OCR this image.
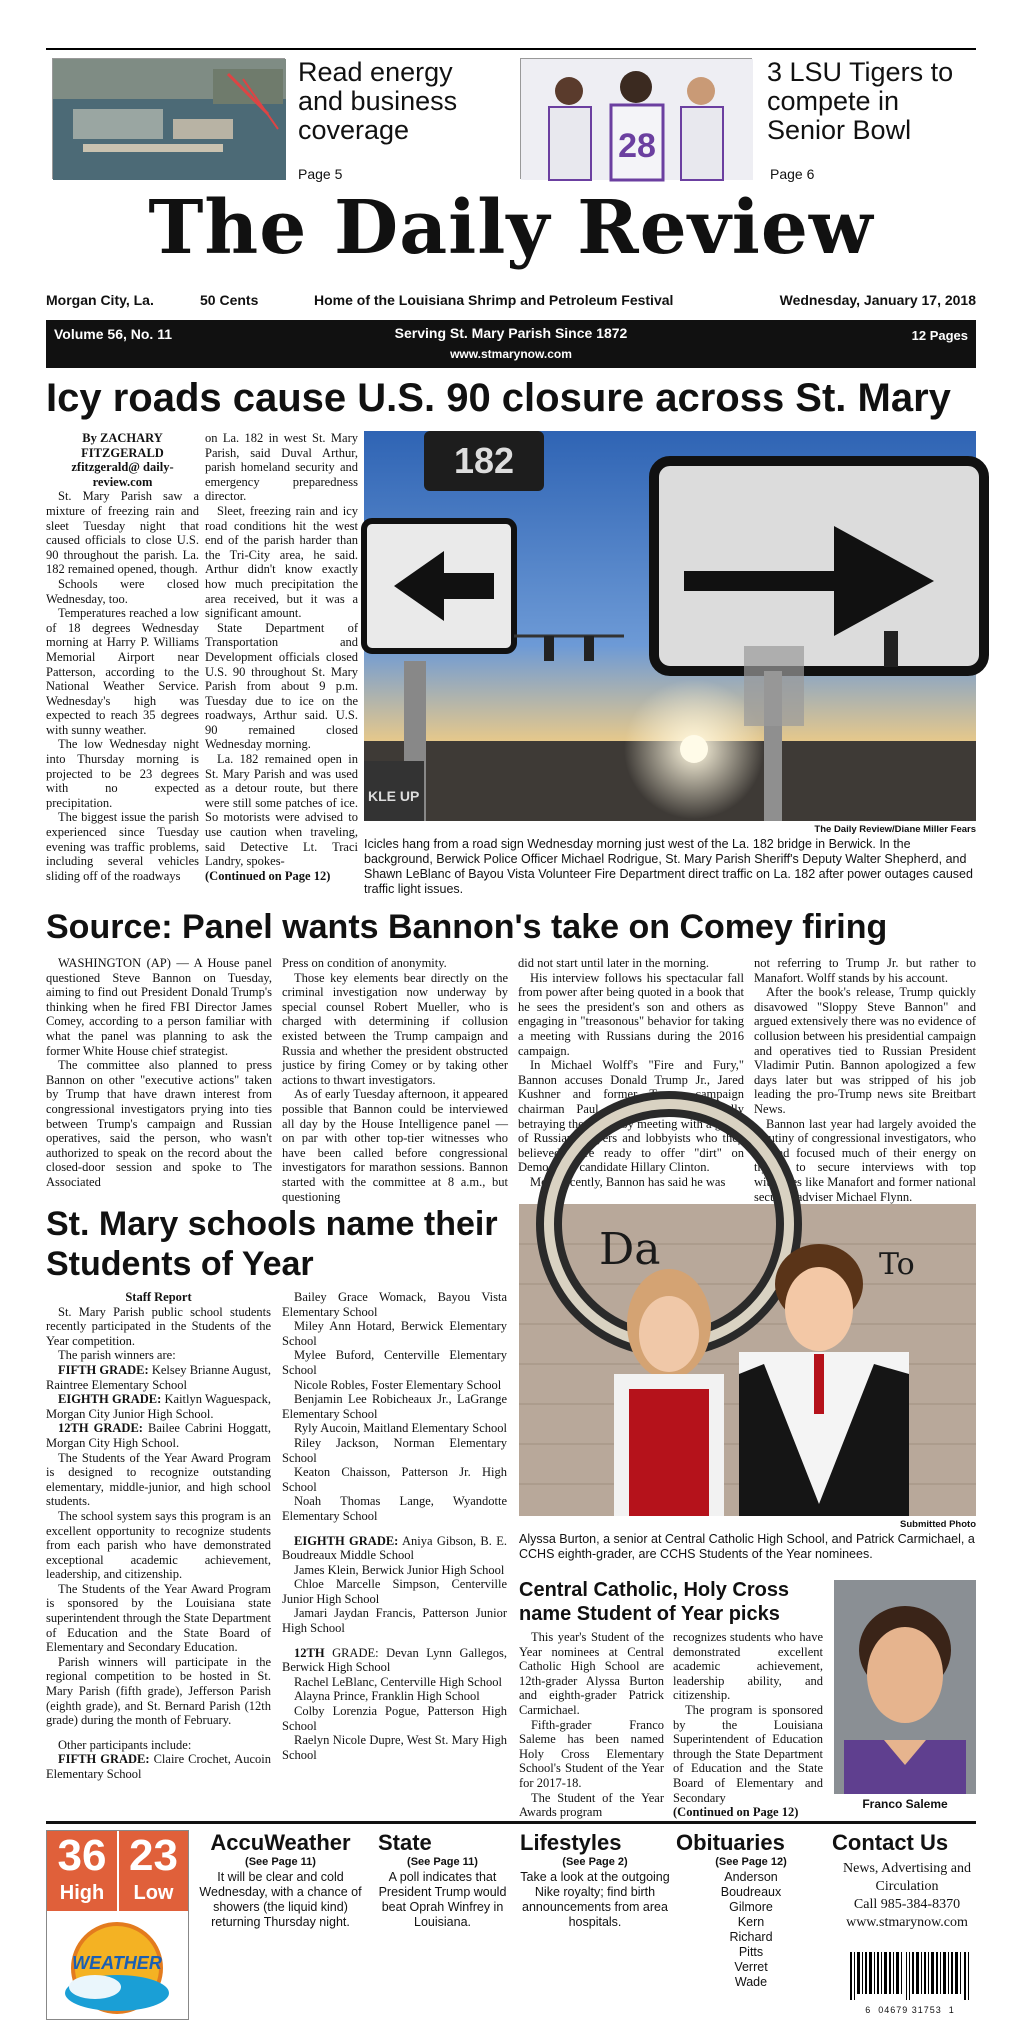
Read energy and business coverage
Page 5
28
3 LSU Tigers to compete in Senior Bowl
Page 6
The Daily Review
Morgan City, La.	50 Cents	Home of the Louisiana Shrimp and Petroleum Festival	Wednesday, January 17, 2018
Volume 56, No. 11	Serving St. Mary Parish Since 1872
www.stmarynow.com
12 Pages
Icy roads cause U.S. 90 closure across St. Mary

By ZACHARY FITZGERALD zfitzgerald@ daily-review.com

St. Mary Parish saw a mixture of freezing rain and sleet Tuesday night that caused officials to close U.S. 90 throughout the parish. La. 182 remained opened, though.

Schools were closed Wednesday, too.

Temperatures reached a low of 18 degrees Wednesday morning at Harry P. Williams Memorial Airport near Patterson, according to the National Weather Service. Wednesday's high was expected to reach 35 degrees with sunny weather.

The low Wednesday night into Thursday morning is projected to be 23 degrees with no expected precipitation.

The biggest issue the parish experienced since Tuesday evening was traffic problems, including several vehicles sliding off of the roadways

on La. 182 in west St. Mary Parish, said Duval Arthur, parish homeland security and emergency preparedness director.

Sleet, freezing rain and icy road conditions hit the west end of the parish harder than the Tri-City area, he said. Arthur didn't know exactly how much precipitation the area received, but it was a significant amount.

State Department of Transportation and Development officials closed U.S. 90 throughout St. Mary Parish from about 9 p.m. Tuesday due to ice on the roadways, Arthur said. U.S. 90 remained closed Wednesday morning.

La. 182 remained open in St. Mary Parish and was used as a detour route, but there were still some patches of ice. So motorists were advised to use caution when traveling, said Detective Lt. Traci Landry, spokes-

(Continued on Page 12)

182
KLE UP
The Daily Review/Diane Miller Fears
Icicles hang from a road sign Wednesday morning just west of the La. 182 bridge in Berwick. In the background, Berwick Police Officer Michael Rodrigue, St. Mary Parish Sheriff's Deputy Walter Shepherd, and Shawn LeBlanc of Bayou Vista Volunteer Fire Department direct traffic on La. 182 after power outages caused traffic light issues.
Source: Panel wants Bannon's take on Comey firing

WASHINGTON (AP) — A House panel questioned Steve Bannon on Tuesday, aiming to find out President Donald Trump's thinking when he fired FBI Director James Comey, according to a person familiar with what the panel was planning to ask the former White House chief strategist.

The committee also planned to press Bannon on other "executive actions" taken by Trump that have drawn interest from congressional investigators prying into ties between Trump's campaign and Russian operatives, said the person, who wasn't authorized to speak on the record about the closed-door session and spoke to The Associated

Press on condition of anonymity.

Those key elements bear directly on the criminal investigation now underway by special counsel Robert Mueller, who is charged with determining if collusion existed between the Trump campaign and Russia and whether the president obstructed justice by firing Comey or by taking other actions to thwart investigators.

As of early Tuesday afternoon, it appeared possible that Bannon could be interviewed all day by the House Intelligence panel — on par with other top-tier witnesses who have been called before congressional investigators for marathon sessions. Bannon started with the committee at 8 a.m., but questioning

did not start until later in the morning.

His interview follows his spectacular fall from power after being quoted in a book that he sees the president's son and others as engaging in "treasonous" behavior for taking a meeting with Russians during the 2016 campaign.

In Michael Wolff's "Fire and Fury," Bannon accuses Donald Trump Jr., Jared Kushner and former Trump campaign chairman Paul Manafort of essentially betraying the nation by meeting with a group of Russian lawyers and lobbyists who they believed were ready to offer "dirt" on Democratic candidate Hillary Clinton.

More recently, Bannon has said he was

not referring to Trump Jr. but rather to Manafort. Wolff stands by his account.

After the book's release, Trump quickly disavowed "Sloppy Steve Bannon" and argued extensively there was no evidence of collusion between his presidential campaign and operatives tied to Russian President Vladimir Putin. Bannon apologized a few days later but was stripped of his job leading the pro-Trump news site Breitbart News.

Bannon last year had largely avoided the scrutiny of congressional investigators, who instead focused much of their energy on trying to secure interviews with top witnesses like Manafort and former national security adviser Michael Flynn.

St. Mary schools name their Students of Year

Staff Report

St. Mary Parish public school students recently participated in the Students of the Year competition.

The parish winners are:

FIFTH GRADE: Kelsey Brianne August, Raintree Elementary School

EIGHTH GRADE: Kaitlyn Waguespack, Morgan City Junior High School.

12TH GRADE: Bailee Cabrini Hoggatt, Morgan City High School.

The Students of the Year Award Program is designed to recognize outstanding elementary, middle-junior, and high school students.

The school system says this program is an excellent opportunity to recognize students from each parish who have demonstrated exceptional academic achievement, leadership, and citizenship.

The Students of the Year Award Program is sponsored by the Louisiana state superintendent through the State Department of Education and the State Board of Elementary and Secondary Education.

Parish winners will participate in the regional competition to be hosted in St. Mary Parish (fifth grade), Jefferson Parish (eighth grade), and St. Bernard Parish (12th grade) during the month of February.

Other participants include:

FIFTH GRADE: Claire Crochet, Aucoin Elementary School

Bailey Grace Womack, Bayou Vista Elementary School

Miley Ann Hotard, Berwick Elementary School

Mylee Buford, Centerville Elementary School

Nicole Robles, Foster Elementary School

Benjamin Lee Robicheaux Jr., LaGrange Elementary School

Ryly Aucoin, Maitland Elementary School

Riley Jackson, Norman Elementary School

Keaton Chaisson, Patterson Jr. High School

Noah Thomas Lange, Wyandotte Elementary School

EIGHTH GRADE: Aniya Gibson, B. E. Boudreaux Middle School

James Klein, Berwick Junior High School

Chloe Marcelle Simpson, Centerville Junior High School

Jamari Jaydan Francis, Patterson Junior High School

12TH GRADE: Devan Lynn Gallegos, Berwick High School

Rachel LeBlanc, Centerville High School

Alayna Prince, Franklin High School

Colby Lorenzia Pogue, Patterson High School

Raelyn Nicole Dupre, West St. Mary High School

Da	To
Submitted Photo
Alyssa Burton, a senior at Central Catholic High School, and Patrick Carmichael, a CCHS eighth-grader, are CCHS Students of the Year nominees.
Central Catholic, Holy Cross name Student of Year picks

This year's Student of the Year nominees at Central Catholic High School are 12th-grader Alyssa Burton and eighth-grader Patrick Carmichael.

Fifth-grader Franco Saleme has been named Holy Cross Elementary School's Student of the Year for 2017-18.

The Student of the Year Awards program

recognizes students who have demonstrated excellent academic achievement, leadership ability, and citizenship.

The program is sponsored by the Louisiana Superintendent of Education through the State Department of Education and the State Board of Elementary and Secondary

(Continued on Page 12)

Franco Saleme
36
High
23
Low
WEATHER
AccuWeather
(See Page 11)
It will be clear and cold Wednesday, with a chance of showers (the liquid kind) returning Thursday night.
State
(See Page 11)
A poll indicates that President Trump would beat Oprah Winfrey in Louisiana.
Lifestyles
(See Page 2)
Take a look at the outgoing Nike royalty; find birth announcements from area hospitals.
Obituaries
(See Page 12)
Anderson
Boudreaux
Gilmore
Kern
Richard
Pitts
Verret
Wade
Contact Us
News, Advertising and Circulation
Call 985-384-8370
www.stmarynow.com
6  04679 31753  1
